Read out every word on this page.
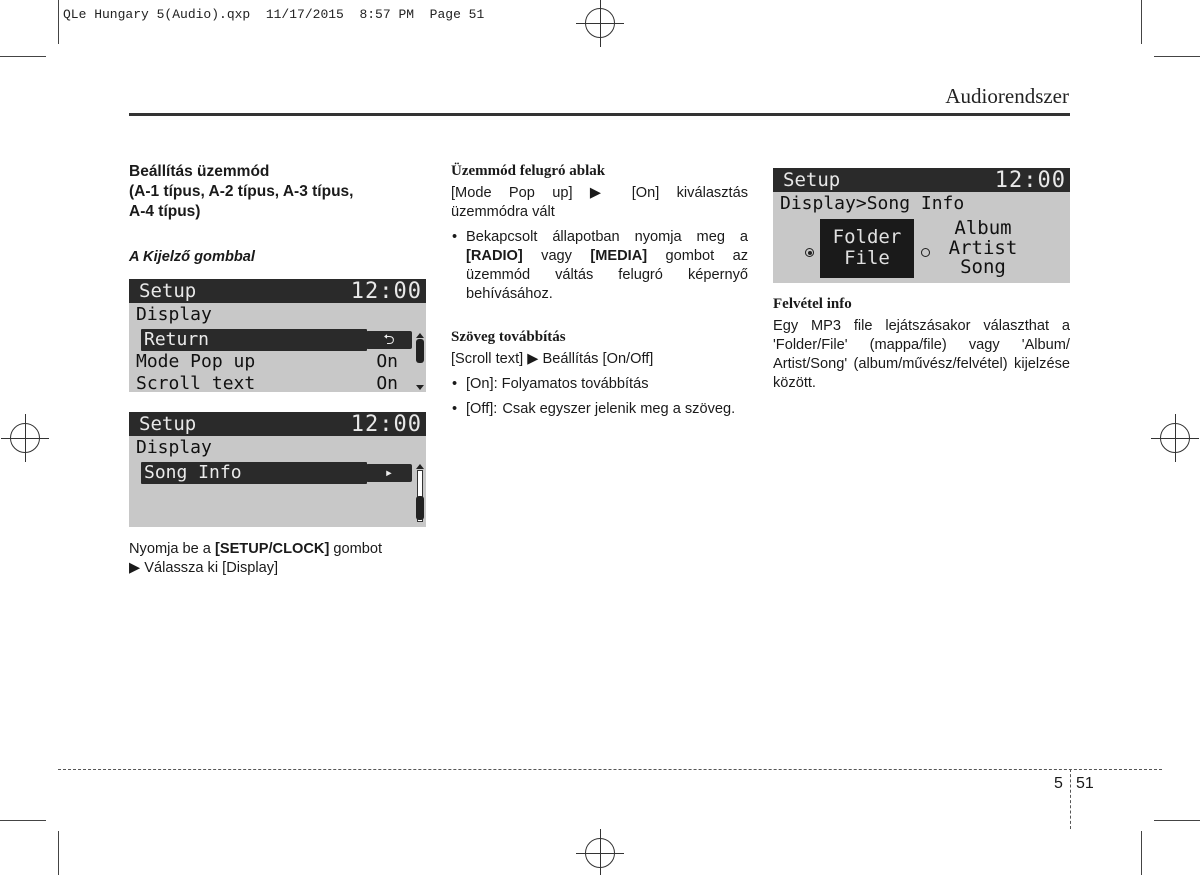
QLe Hungary 5(Audio).qxp  11/17/2015  8:57 PM  Page 51
Audiorendszer
Beállítás üzemmód
(A-1 típus, A-2 típus, A-3 típus,
A-4 típus)
A Kijelző gombbal
Setup	12:00
Display
Return	⮌
Mode Pop up	On
Scroll text	On
Setup	12:00
Display
Song Info	▸
Nyomja be a [SETUP/CLOCK] gombot
▶ Válassza ki [Display]
Üzemmód felugró ablak
[Mode Pop up] ▶ [On] kiválasztás üzemmódra vált
• Bekapcsolt állapotban nyomja meg a [RADIO] vagy [MEDIA] gombot az üzemmód váltás felugró képernyő behívásához.
Szöveg továbbítás
[Scroll text] ▶ Beállítás [On/Off]
• [On]: Folyamatos továbbítás
• [Off]: Csak egyszer jelenik meg a szöveg.
Setup	12:00
Display>Song Info
Folder
File
Album
Artist
Song
Felvétel info
Egy MP3 file lejátszásakor választhat a 'Folder/File' (mappa/file) vagy 'Album/ Artist/Song' (album/művész/felvétel) kijelzése között.
5 51
